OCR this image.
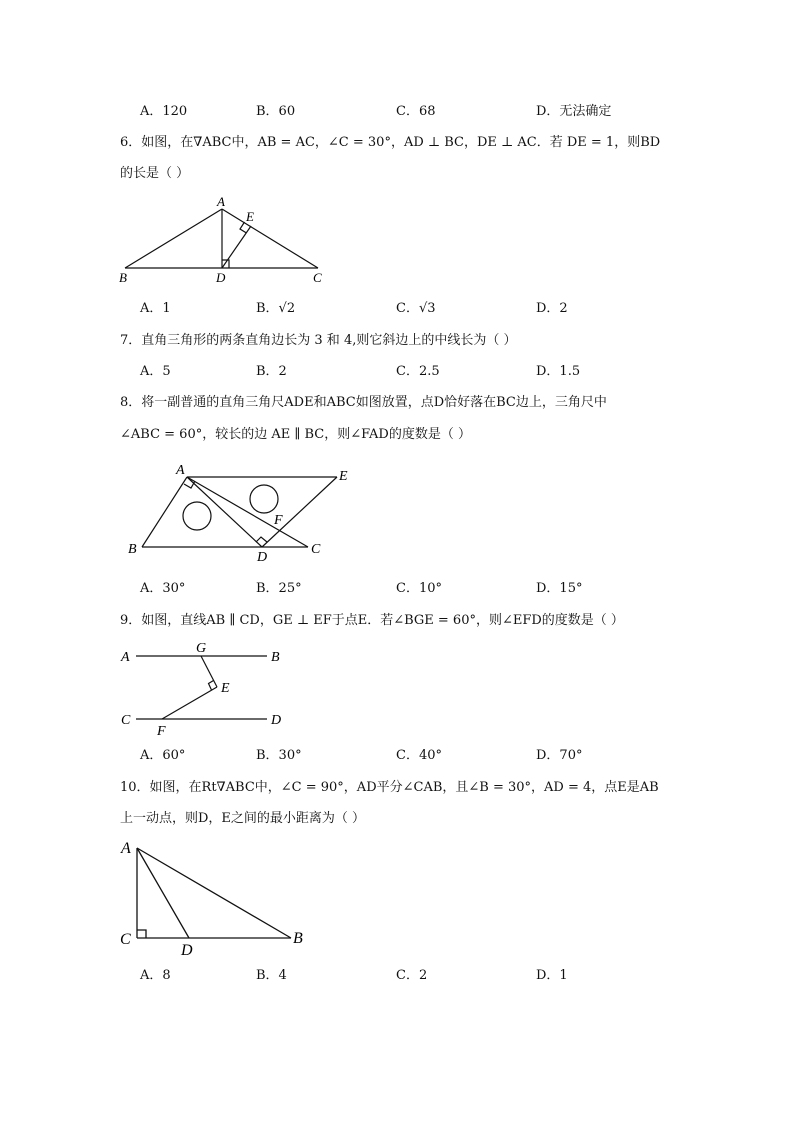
A．120	B．60	C．68	D．无法确定
6．如图，在∇ABC中，AB = AC，∠C = 30°，AD ⊥ BC，DE ⊥ AC．若 DE = 1，则BD
的长是（ ）
A
E
B	D	C
A．1	B．√2	C．√3	D．2
7．直角三角形的两条直角边长为 3 和 4,则它斜边上的中线长为（ ）
A．5	B．2	C．2.5	D．1.5
8．将一副普通的直角三角尺ADE和ABC如图放置，点D恰好落在BC边上，三角尺中
∠ABC = 60°，较长的边 AE ∥ BC，则∠FAD的度数是（ ）
A	E
F
B
D
C
A．30°	B．25°	C．10°	D．15°
9．如图，直线AB ∥ CD，GE ⊥ EF于点E．若∠BGE = 60°，则∠EFD的度数是（ ）
G
A	B
E
C	D
F
A．60°	B．30°	C．40°	D．70°
10．如图，在Rt∇ABC中，∠C = 90°，AD平分∠CAB，且∠B = 30°，AD = 4，点E是AB
上一动点，则D，E之间的最小距离为（ ）
A
C
D
B
A．8	B．4	C．2	D．1
